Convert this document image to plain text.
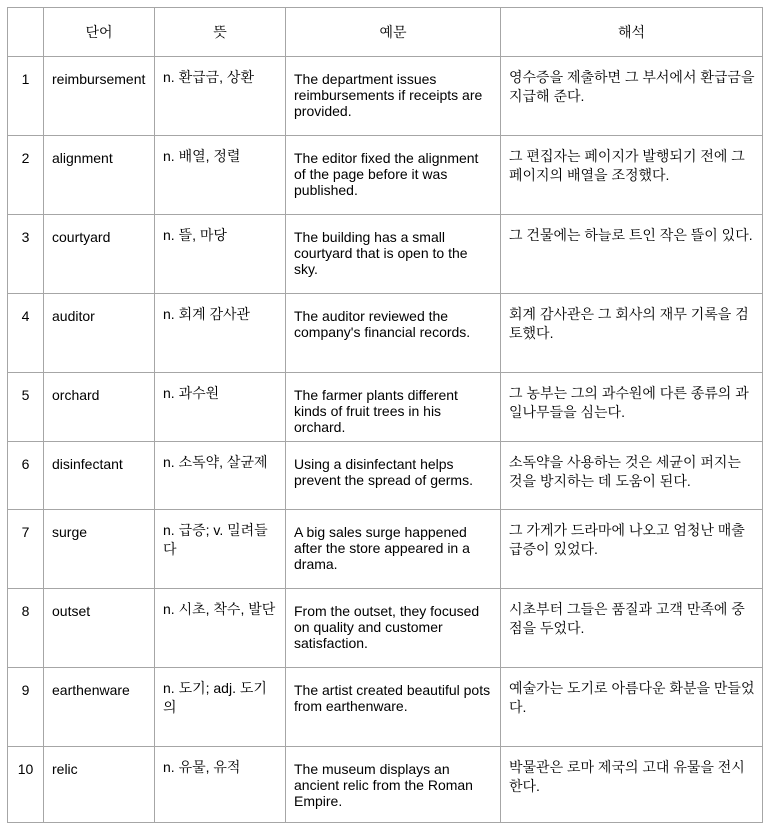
	단어	뜻	예문	해석
1	reimbursement	n. 환급금, 상환	The department issues reimbursements if receipts are provided.	영수증을 제출하면 그 부서에서 환급금을 지급해 준다.
2	alignment	n. 배열, 정렬	The editor fixed the alignment of the page before it was published.	그 편집자는 페이지가 발행되기 전에 그 페이지의 배열을 조정했다.
3	courtyard	n. 뜰, 마당	The building has a small courtyard that is open to the sky.	그 건물에는 하늘로 트인 작은 뜰이 있다.
4	auditor	n. 회계 감사관	The auditor reviewed the company's financial records.	회계 감사관은 그 회사의 재무 기록을 검토했다.
5	orchard	n. 과수원	The farmer plants different kinds of fruit trees in his orchard.	그 농부는 그의 과수원에 다른 종류의 과일나무들을 심는다.
6	disinfectant	n. 소독약, 살균제	Using a disinfectant helps prevent the spread of germs.	소독약을 사용하는 것은 세균이 퍼지는 것을 방지하는 데 도움이 된다.
7	surge	n. 급증; v. 밀려들다	A big sales surge happened after the store appeared in a drama.	그 가게가 드라마에 나오고 엄청난 매출 급증이 있었다.
8	outset	n. 시초, 착수, 발단	From the outset, they focused on quality and customer satisfaction.	시초부터 그들은 품질과 고객 만족에 중점을 두었다.
9	earthenware	n. 도기; adj. 도기의	The artist created beautiful pots from earthenware.	예술가는 도기로 아름다운 화분을 만들었다.
10	relic	n. 유물, 유적	The museum displays an ancient relic from the Roman Empire.	박물관은 로마 제국의 고대 유물을 전시한다.
